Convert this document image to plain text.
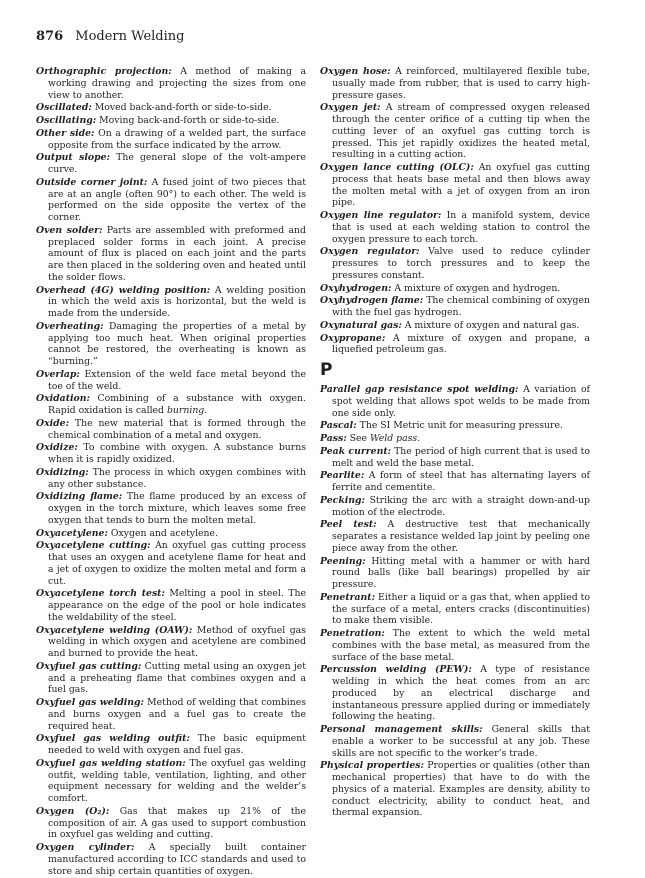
876 Modern Welding

Orthographic projection: A method of making a working drawing and projecting the sizes from one view to another.

Oscillated: Moved back-and-forth or side-to-side.

Oscillating: Moving back-and-forth or side-to-side.

Other side: On a drawing of a welded part, the surface opposite from the surface indicated by the arrow.

Output slope: The general slope of the volt-ampere curve.

Outside corner joint: A fused joint of two pieces that are at an angle (often 90°) to each other. The weld is performed on the side opposite the vertex of the corner.

Oven solder: Parts are assembled with preformed and preplaced solder forms in each joint. A precise amount of flux is placed on each joint and the parts are then placed in the soldering oven and heated until the solder flows.

Overhead (4G) welding position: A welding position in which the weld axis is horizontal, but the weld is made from the underside.

Overheating: Damaging the properties of a metal by applying too much heat. When original properties cannot be restored, the overheating is known as “burning.”

Overlap: Extension of the weld face metal beyond the toe of the weld.

Oxidation: Combining of a substance with oxygen. Rapid oxidation is called burning.

Oxide: The new material that is formed through the chemical combination of a metal and oxygen.

Oxidize: To combine with oxygen. A substance burns when it is rapidly oxidized.

Oxidizing: The process in which oxygen combines with any other substance.

Oxidizing flame: The flame produced by an excess of oxygen in the torch mixture, which leaves some free oxygen that tends to burn the molten metal.

Oxyacetylene: Oxygen and acetylene.

Oxyacetylene cutting: An oxyfuel gas cutting process that uses an oxygen and acetylene flame for heat and a jet of oxygen to oxidize the molten metal and form a cut.

Oxyacetylene torch test: Melting a pool in steel. The appearance on the edge of the pool or hole indicates the weldability of the steel.

Oxyacetylene welding (OAW): Method of oxyfuel gas welding in which oxygen and acetylene are combined and burned to provide the heat.

Oxyfuel gas cutting: Cutting metal using an oxygen jet and a preheating flame that combines oxygen and a fuel gas.

Oxyfuel gas welding: Method of welding that combines and burns oxygen and a fuel gas to create the required heat.

Oxyfuel gas welding outfit: The basic equipment needed to weld with oxygen and fuel gas.

Oxyfuel gas welding station: The oxyfuel gas welding outfit, welding table, ventilation, lighting, and other equipment necessary for welding and the welder’s comfort.

Oxygen (O₂): Gas that makes up 21% of the composition of air. A gas used to support combustion in oxyfuel gas welding and cutting.

Oxygen cylinder: A specially built container manufactured according to ICC standards and used to store and ship certain quantities of oxygen.

Oxygen hose: A reinforced, multilayered flexible tube, usually made from rubber, that is used to carry high-pressure gases.

Oxygen jet: A stream of compressed oxygen released through the center orifice of a cutting tip when the cutting lever of an oxyfuel gas cutting torch is pressed. This jet rapidly oxidizes the heated metal, resulting in a cutting action.

Oxygen lance cutting (OLC): An oxyfuel gas cutting process that heats base metal and then blows away the molten metal with a jet of oxygen from an iron pipe.

Oxygen line regulator: In a manifold system, device that is used at each welding station to control the oxygen pressure to each torch.

Oxygen regulator: Valve used to reduce cylinder pressures to torch pressures and to keep the pressures constant.

Oxyhydrogen: A mixture of oxygen and hydrogen.

Oxyhydrogen flame: The chemical combining of oxygen with the fuel gas hydrogen.

Oxynatural gas: A mixture of oxygen and natural gas.

Oxypropane: A mixture of oxygen and propane, a liquefied petroleum gas.

P

Parallel gap resistance spot welding: A variation of spot welding that allows spot welds to be made from one side only.

Pascal: The SI Metric unit for measuring pressure.

Pass: See Weld pass.

Peak current: The period of high current that is used to melt and weld the base metal.

Pearlite: A form of steel that has alternating layers of ferrite and cementite.

Pecking: Striking the arc with a straight down-and-up motion of the electrode.

Peel test: A destructive test that mechanically separates a resistance welded lap joint by peeling one piece away from the other.

Peening: Hitting metal with a hammer or with hard round balls (like ball bearings) propelled by air pressure.

Penetrant: Either a liquid or a gas that, when applied to the surface of a metal, enters cracks (discontinuities) to make them visible.

Penetration: The extent to which the weld metal combines with the base metal, as measured from the surface of the base metal.

Percussion welding (PEW): A type of resistance welding in which the heat comes from an arc produced by an electrical discharge and instantaneous pressure applied during or immediately following the heating.

Personal management skills: General skills that enable a worker to be successful at any job. These skills are not specific to the worker’s trade.

Physical properties: Properties or qualities (other than mechanical properties) that have to do with the physics of a material. Examples are density, ability to conduct electricity, ability to conduct heat, and thermal expansion.
